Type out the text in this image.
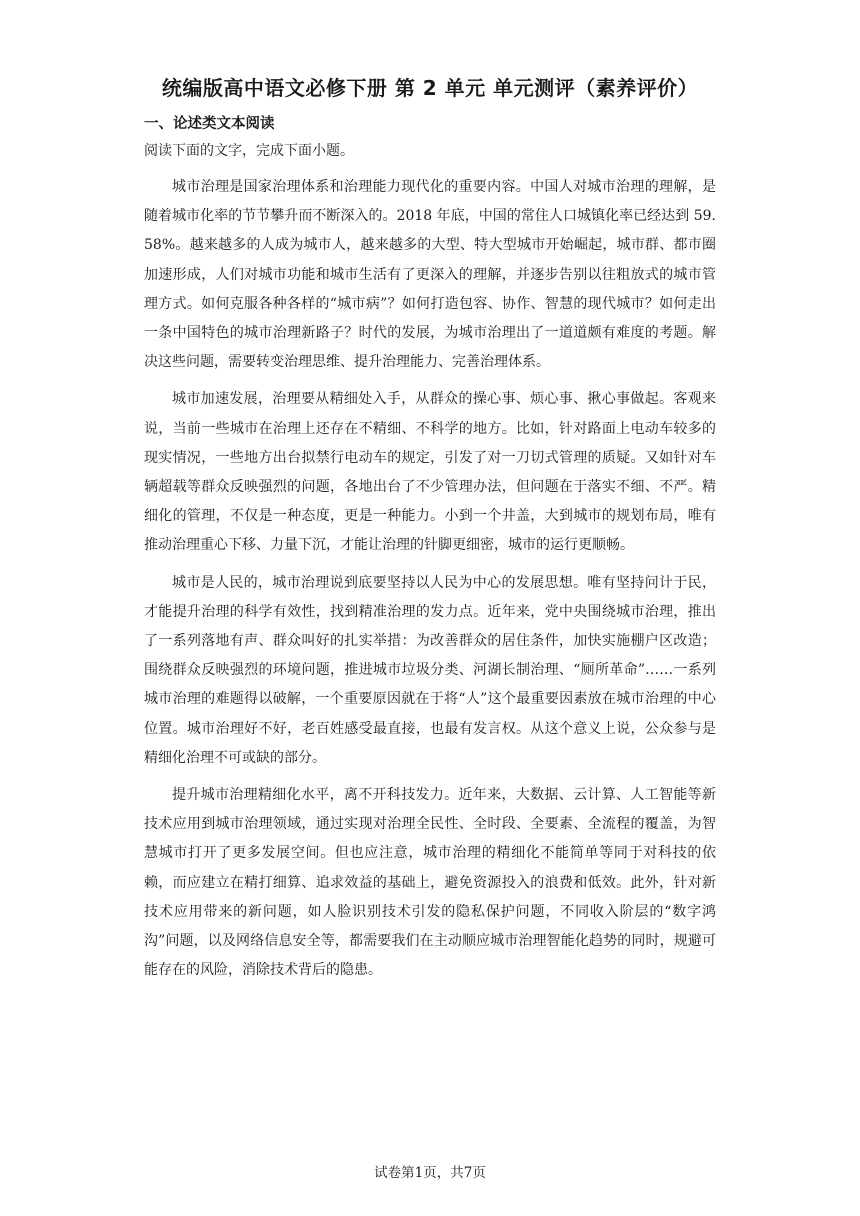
统编版高中语文必修下册 第 2 单元 单元测评（素养评价）
一、论述类文本阅读
阅读下面的文字，完成下面小题。

城市治理是国家治理体系和治理能力现代化的重要内容。中国人对城市治理的理解，是随着城市化率的节节攀升而不断深入的。2018 年底，中国的常住人口城镇化率已经达到 59.58%。越来越多的人成为城市人，越来越多的大型、特大型城市开始崛起，城市群、都市圈加速形成，人们对城市功能和城市生活有了更深入的理解，并逐步告别以往粗放式的城市管理方式。如何克服各种各样的“城市病”？如何打造包容、协作、智慧的现代城市？如何走出一条中国特色的城市治理新路子？时代的发展，为城市治理出了一道道颇有难度的考题。解决这些问题，需要转变治理思维、提升治理能力、完善治理体系。

城市加速发展，治理要从精细处入手，从群众的操心事、烦心事、揪心事做起。客观来说，当前一些城市在治理上还存在不精细、不科学的地方。比如，针对路面上电动车较多的现实情况，一些地方出台拟禁行电动车的规定，引发了对一刀切式管理的质疑。又如针对车辆超载等群众反映强烈的问题，各地出台了不少管理办法，但问题在于落实不细、不严。精细化的管理，不仅是一种态度，更是一种能力。小到一个井盖，大到城市的规划布局，唯有推动治理重心下移、力量下沉，才能让治理的针脚更细密，城市的运行更顺畅。

城市是人民的，城市治理说到底要坚持以人民为中心的发展思想。唯有坚持问计于民，才能提升治理的科学有效性，找到精准治理的发力点。近年来，党中央围绕城市治理，推出了一系列落地有声、群众叫好的扎实举措：为改善群众的居住条件，加快实施棚户区改造；围绕群众反映强烈的环境问题，推进城市垃圾分类、河湖长制治理、“厕所革命”……一系列城市治理的难题得以破解，一个重要原因就在于将“人”这个最重要因素放在城市治理的中心位置。城市治理好不好，老百姓感受最直接，也最有发言权。从这个意义上说，公众参与是精细化治理不可或缺的部分。

提升城市治理精细化水平，离不开科技发力。近年来，大数据、云计算、人工智能等新技术应用到城市治理领域，通过实现对治理全民性、全时段、全要素、全流程的覆盖，为智慧城市打开了更多发展空间。但也应注意，城市治理的精细化不能简单等同于对科技的依赖，而应建立在精打细算、追求效益的基础上，避免资源投入的浪费和低效。此外，针对新技术应用带来的新问题，如人脸识别技术引发的隐私保护问题，不同收入阶层的“数字鸿沟”问题，以及网络信息安全等，都需要我们在主动顺应城市治理智能化趋势的同时，规避可能存在的风险，消除技术背后的隐患。

试卷第1页，共7页
